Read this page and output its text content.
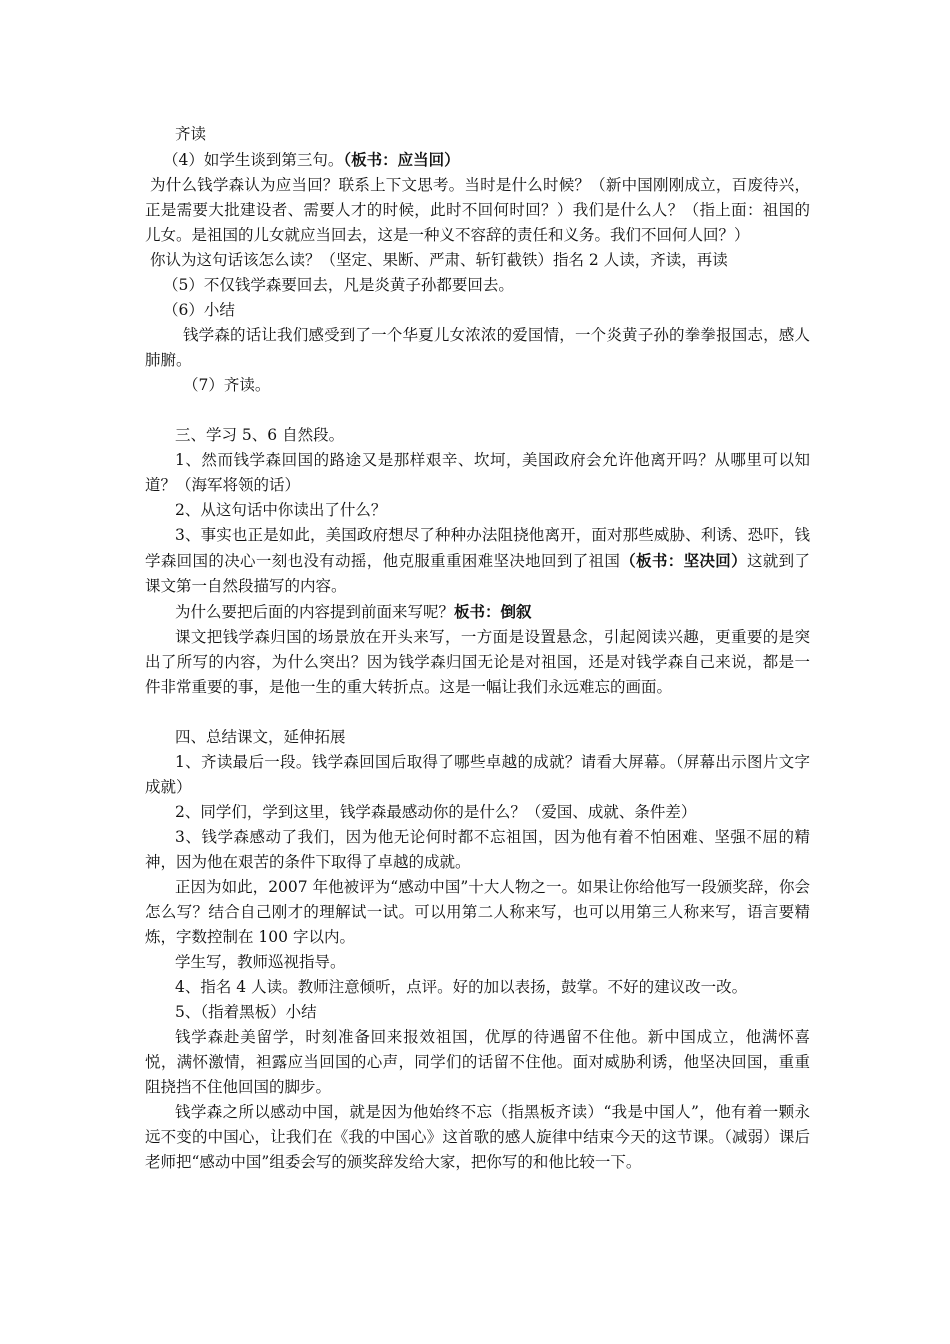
齐读

（4）如学生谈到第三句。（板书：应当回）

为什么钱学森认为应当回？联系上下文思考。当时是什么时候？（新中国刚刚成立，百废待兴，正是需要大批建设者、需要人才的时候，此时不回何时回？）我们是什么人？（指上面：祖国的儿女。是祖国的儿女就应当回去，这是一种义不容辞的责任和义务。我们不回何人回？）

你认为这句话该怎么读？（坚定、果断、严肃、斩钉截铁）指名 2 人读，齐读，再读

（5）不仅钱学森要回去，凡是炎黄子孙都要回去。

（6）小结

钱学森的话让我们感受到了一个华夏儿女浓浓的爱国情，一个炎黄子孙的拳拳报国志，感人肺腑。

（7）齐读。

三、学习 5、6 自然段。

1、然而钱学森回国的路途又是那样艰辛、坎坷，美国政府会允许他离开吗？从哪里可以知道？（海军将领的话）

2、从这句话中你读出了什么？

3、事实也正是如此，美国政府想尽了种种办法阻挠他离开，面对那些威胁、利诱、恐吓，钱学森回国的决心一刻也没有动摇，他克服重重困难坚决地回到了祖国（板书：坚决回）这就到了课文第一自然段描写的内容。

为什么要把后面的内容提到前面来写呢？板书：倒叙

课文把钱学森归国的场景放在开头来写，一方面是设置悬念，引起阅读兴趣，更重要的是突出了所写的内容，为什么突出？因为钱学森归国无论是对祖国，还是对钱学森自己来说，都是一件非常重要的事，是他一生的重大转折点。这是一幅让我们永远难忘的画面。

四、总结课文，延伸拓展

1、齐读最后一段。钱学森回国后取得了哪些卓越的成就？请看大屏幕。（屏幕出示图片文字成就）

2、同学们，学到这里，钱学森最感动你的是什么？（爱国、成就、条件差）

3、钱学森感动了我们，因为他无论何时都不忘祖国，因为他有着不怕困难、坚强不屈的精神，因为他在艰苦的条件下取得了卓越的成就。

正因为如此，2007 年他被评为“感动中国”十大人物之一。如果让你给他写一段颁奖辞，你会怎么写？结合自己刚才的理解试一试。可以用第二人称来写，也可以用第三人称来写，语言要精炼，字数控制在 100 字以内。

学生写，教师巡视指导。

4、指名 4 人读。教师注意倾听，点评。好的加以表扬，鼓掌。不好的建议改一改。

5、（指着黑板）小结

钱学森赴美留学，时刻准备回来报效祖国，优厚的待遇留不住他。新中国成立，他满怀喜悦，满怀激情，袒露应当回国的心声，同学们的话留不住他。面对威胁利诱，他坚决回国，重重阻挠挡不住他回国的脚步。

钱学森之所以感动中国，就是因为他始终不忘（指黑板齐读）“我是中国人”，他有着一颗永远不变的中国心，让我们在《我的中国心》这首歌的感人旋律中结束今天的这节课。（减弱）课后老师把“感动中国”组委会写的颁奖辞发给大家，把你写的和他比较一下。
